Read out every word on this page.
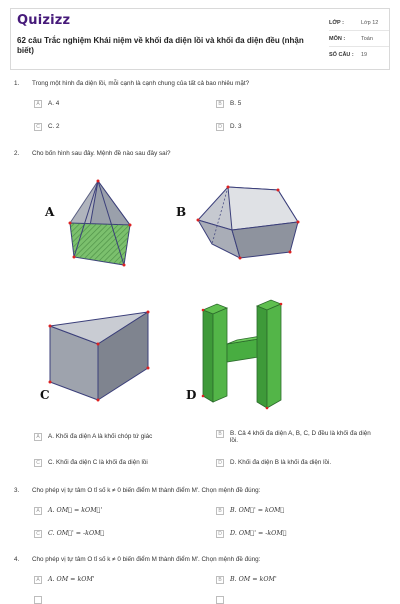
Quizizz
62 câu Trắc nghiệm Khái niệm về khối đa diện lồi và khối đa diện đều (nhận biết)
LỚP :	Lớp 12
MÔN :	Toán
SỐ CÂU :	19
1.	Trong một hình đa diện lồi, mỗi cạnh là cạnh chung của tất cả bao nhiêu mặt?
A	A. 4	B	B. 5
C	C. 2	D	D. 3
2.	Cho bốn hình sau đây. Mệnh đề nào sau đây sai?
A	B
C	D
A	A. Khối đa diện A là khối chóp tứ giác	B	B. Cả 4 khối đa diện A, B, C, D đều là khối đa diện lồi.
C	C. Khối đa diện C là khối đa diện lồi	D	D. Khối đa diện B là khối đa diện lồi.
3.	Cho phép vị tự tâm O tỉ số k ≠ 0 biến điểm M thành điểm M'. Chọn mệnh đề đúng:
A	A. OM⃗ = kOM⃗'	B	B. OM⃗' = kOM⃗
C	C. OM⃗' = -kOM⃗	D	D. OM⃗' = -kOM⃗
4.	Cho phép vị tự tâm O tỉ số k ≠ 0 biến điểm M thành điểm M'. Chọn mệnh đề đúng:
A	A. OM = kOM'	B	B. OM = kOM'
